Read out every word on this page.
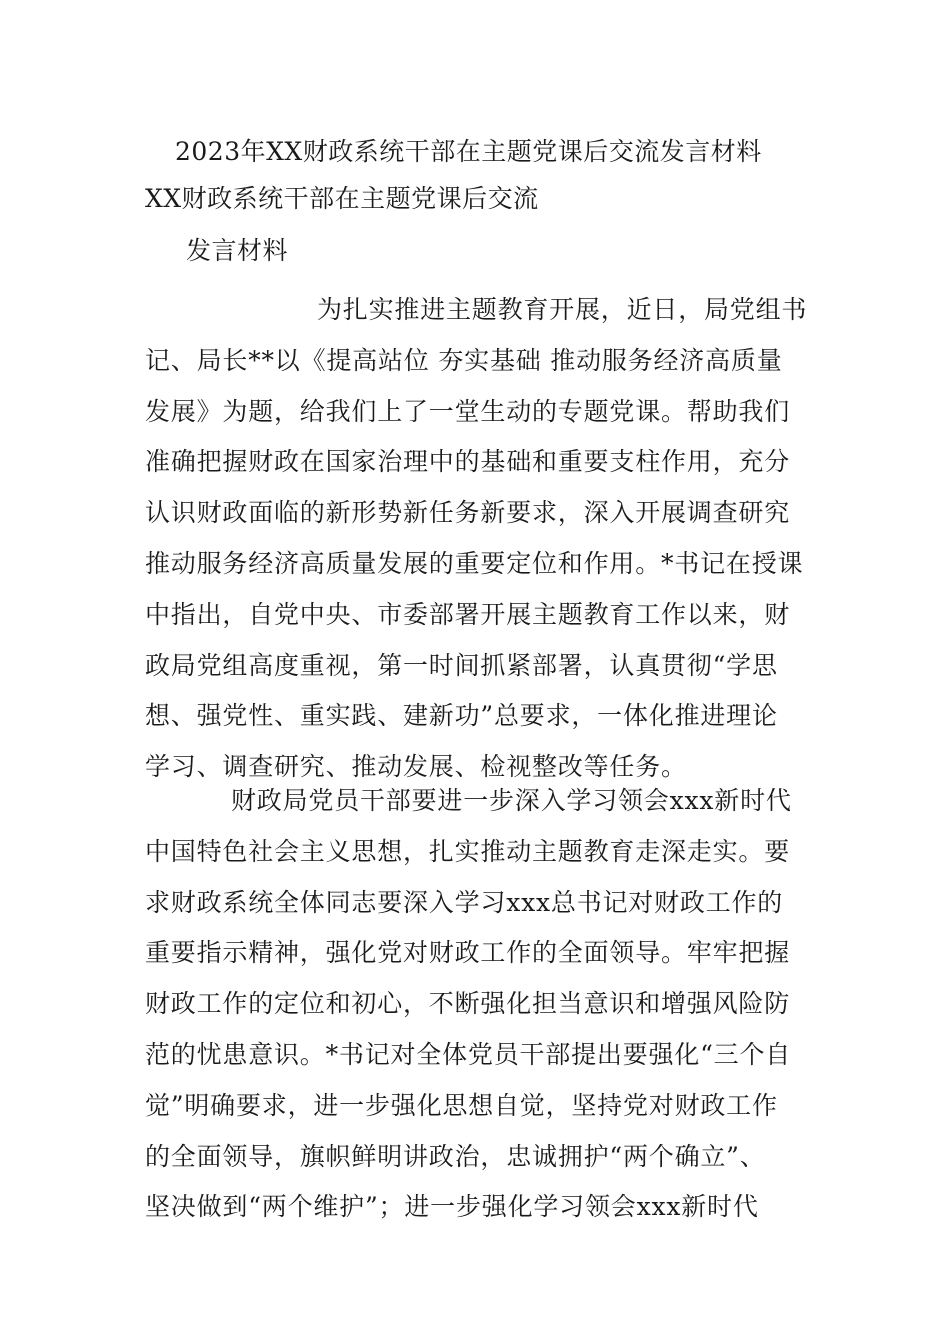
2023年XX财政系统干部在主题党课后交流发言材料
XX财政系统干部在主题党课后交流
发言材料
为扎实推进主题教育开展，近日，局党组书
记、局长**以《提高站位 夯实基础 推动服务经济高质量
发展》为题，给我们上了一堂生动的专题党课。帮助我们
准确把握财政在国家治理中的基础和重要支柱作用，充分
认识财政面临的新形势新任务新要求，深入开展调查研究
推动服务经济高质量发展的重要定位和作用。*书记在授课
中指出，自党中央、市委部署开展主题教育工作以来，财
政局党组高度重视，第一时间抓紧部署，认真贯彻“学思
想、强党性、重实践、建新功”总要求，一体化推进理论
学习、调查研究、推动发展、检视整改等任务。
财政局党员干部要进一步深入学习领会xxx新时代
中国特色社会主义思想，扎实推动主题教育走深走实。要
求财政系统全体同志要深入学习xxx总书记对财政工作的
重要指示精神，强化党对财政工作的全面领导。牢牢把握
财政工作的定位和初心，不断强化担当意识和增强风险防
范的忧患意识。*书记对全体党员干部提出要强化“三个自
觉”明确要求，进一步强化思想自觉，坚持党对财政工作
的全面领导，旗帜鲜明讲政治，忠诚拥护“两个确立”、
坚决做到“两个维护”；进一步强化学习领会xxx新时代
